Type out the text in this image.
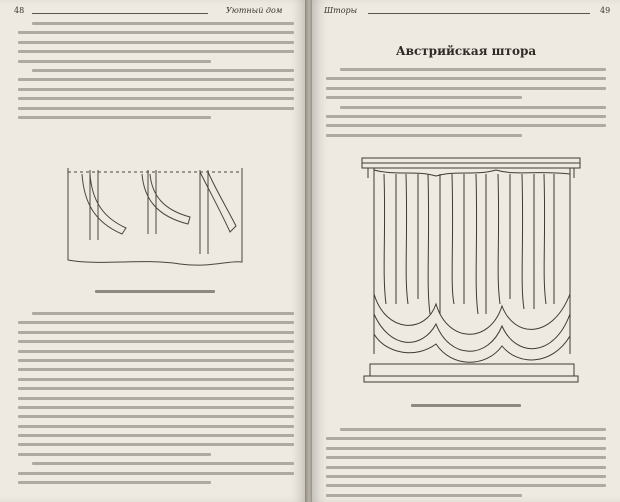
48	Уютный дом	Шторы	49
Австрийская штора
